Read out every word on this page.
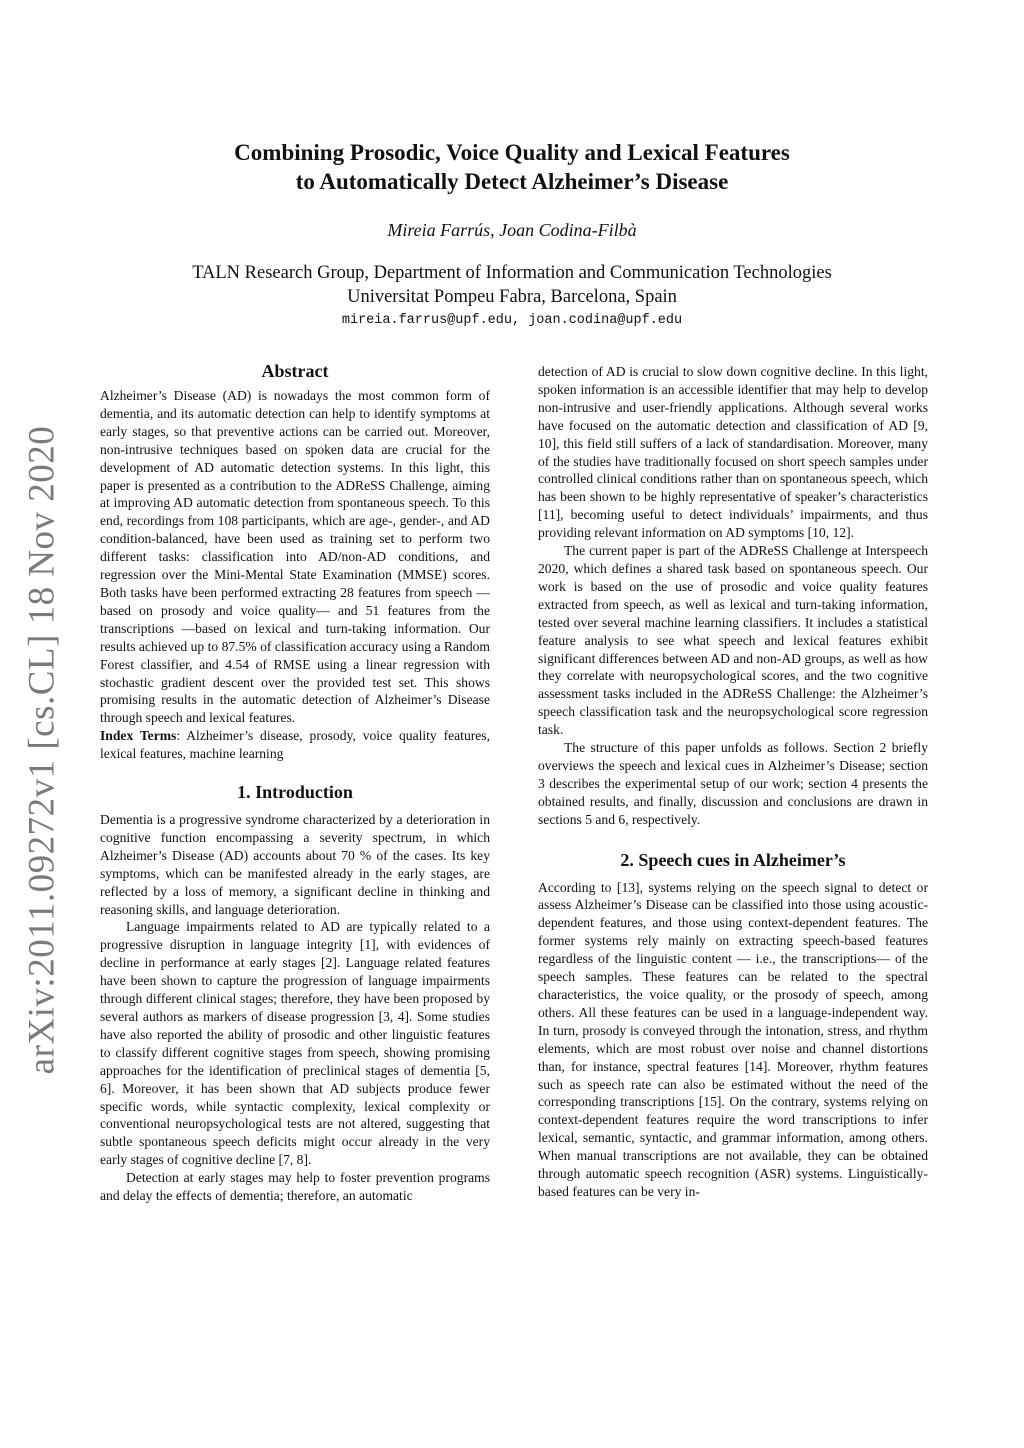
arXiv:2011.09272v1 [cs.CL] 18 Nov 2020
Combining Prosodic, Voice Quality and Lexical Features
to Automatically Detect Alzheimer’s Disease

Mireia Farrús, Joan Codina-Filbà

TALN Research Group, Department of Information and Communication Technologies
Universitat Pompeu Fabra, Barcelona, Spain

mireia.farrus@upf.edu, joan.codina@upf.edu

Abstract

Alzheimer’s Disease (AD) is nowadays the most common form of dementia, and its automatic detection can help to identify symptoms at early stages, so that preventive actions can be carried out. Moreover, non-intrusive techniques based on spoken data are crucial for the development of AD automatic detection systems. In this light, this paper is presented as a contribution to the ADReSS Challenge, aiming at improving AD automatic detection from spontaneous speech. To this end, recordings from 108 participants, which are age-, gender-, and AD condition-balanced, have been used as training set to perform two different tasks: classification into AD/non-AD conditions, and regression over the Mini-Mental State Examination (MMSE) scores. Both tasks have been performed extracting 28 features from speech —based on prosody and voice quality— and 51 features from the transcriptions —based on lexical and turn-taking information. Our results achieved up to 87.5% of classification accuracy using a Random Forest classifier, and 4.54 of RMSE using a linear regression with stochastic gradient descent over the provided test set. This shows promising results in the automatic detection of Alzheimer’s Disease through speech and lexical features.

Index Terms: Alzheimer’s disease, prosody, voice quality features, lexical features, machine learning

1. Introduction

Dementia is a progressive syndrome characterized by a deterioration in cognitive function encompassing a severity spectrum, in which Alzheimer’s Disease (AD) accounts about 70 % of the cases. Its key symptoms, which can be manifested already in the early stages, are reflected by a loss of memory, a significant decline in thinking and reasoning skills, and language deterioration.

Language impairments related to AD are typically related to a progressive disruption in language integrity [1], with evidences of decline in performance at early stages [2]. Language related features have been shown to capture the progression of language impairments through different clinical stages; therefore, they have been proposed by several authors as markers of disease progression [3, 4]. Some studies have also reported the ability of prosodic and other linguistic features to classify different cognitive stages from speech, showing promising approaches for the identification of preclinical stages of dementia [5, 6]. Moreover, it has been shown that AD subjects produce fewer specific words, while syntactic complexity, lexical complexity or conventional neuropsychological tests are not altered, suggesting that subtle spontaneous speech deficits might occur already in the very early stages of cognitive decline [7, 8].

Detection at early stages may help to foster prevention programs and delay the effects of dementia; therefore, an automatic

detection of AD is crucial to slow down cognitive decline. In this light, spoken information is an accessible identifier that may help to develop non-intrusive and user-friendly applications. Although several works have focused on the automatic detection and classification of AD [9, 10], this field still suffers of a lack of standardisation. Moreover, many of the studies have traditionally focused on short speech samples under controlled clinical conditions rather than on spontaneous speech, which has been shown to be highly representative of speaker’s characteristics [11], becoming useful to detect individuals’ impairments, and thus providing relevant information on AD symptoms [10, 12].

The current paper is part of the ADReSS Challenge at Interspeech 2020, which defines a shared task based on spontaneous speech. Our work is based on the use of prosodic and voice quality features extracted from speech, as well as lexical and turn-taking information, tested over several machine learning classifiers. It includes a statistical feature analysis to see what speech and lexical features exhibit significant differences between AD and non-AD groups, as well as how they correlate with neuropsychological scores, and the two cognitive assessment tasks included in the ADReSS Challenge: the Alzheimer’s speech classification task and the neuropsychological score regression task.

The structure of this paper unfolds as follows. Section 2 briefly overviews the speech and lexical cues in Alzheimer’s Disease; section 3 describes the experimental setup of our work; section 4 presents the obtained results, and finally, discussion and conclusions are drawn in sections 5 and 6, respectively.

2. Speech cues in Alzheimer’s

According to [13], systems relying on the speech signal to detect or assess Alzheimer’s Disease can be classified into those using acoustic-dependent features, and those using context-dependent features. The former systems rely mainly on extracting speech-based features regardless of the linguistic content — i.e., the transcriptions— of the speech samples. These features can be related to the spectral characteristics, the voice quality, or the prosody of speech, among others. All these features can be used in a language-independent way. In turn, prosody is conveyed through the intonation, stress, and rhythm elements, which are most robust over noise and channel distortions than, for instance, spectral features [14]. Moreover, rhythm features such as speech rate can also be estimated without the need of the corresponding transcriptions [15]. On the contrary, systems relying on context-dependent features require the word transcriptions to infer lexical, semantic, syntactic, and grammar information, among others. When manual transcriptions are not available, they can be obtained through automatic speech recognition (ASR) systems. Linguistically-based features can be very in-
